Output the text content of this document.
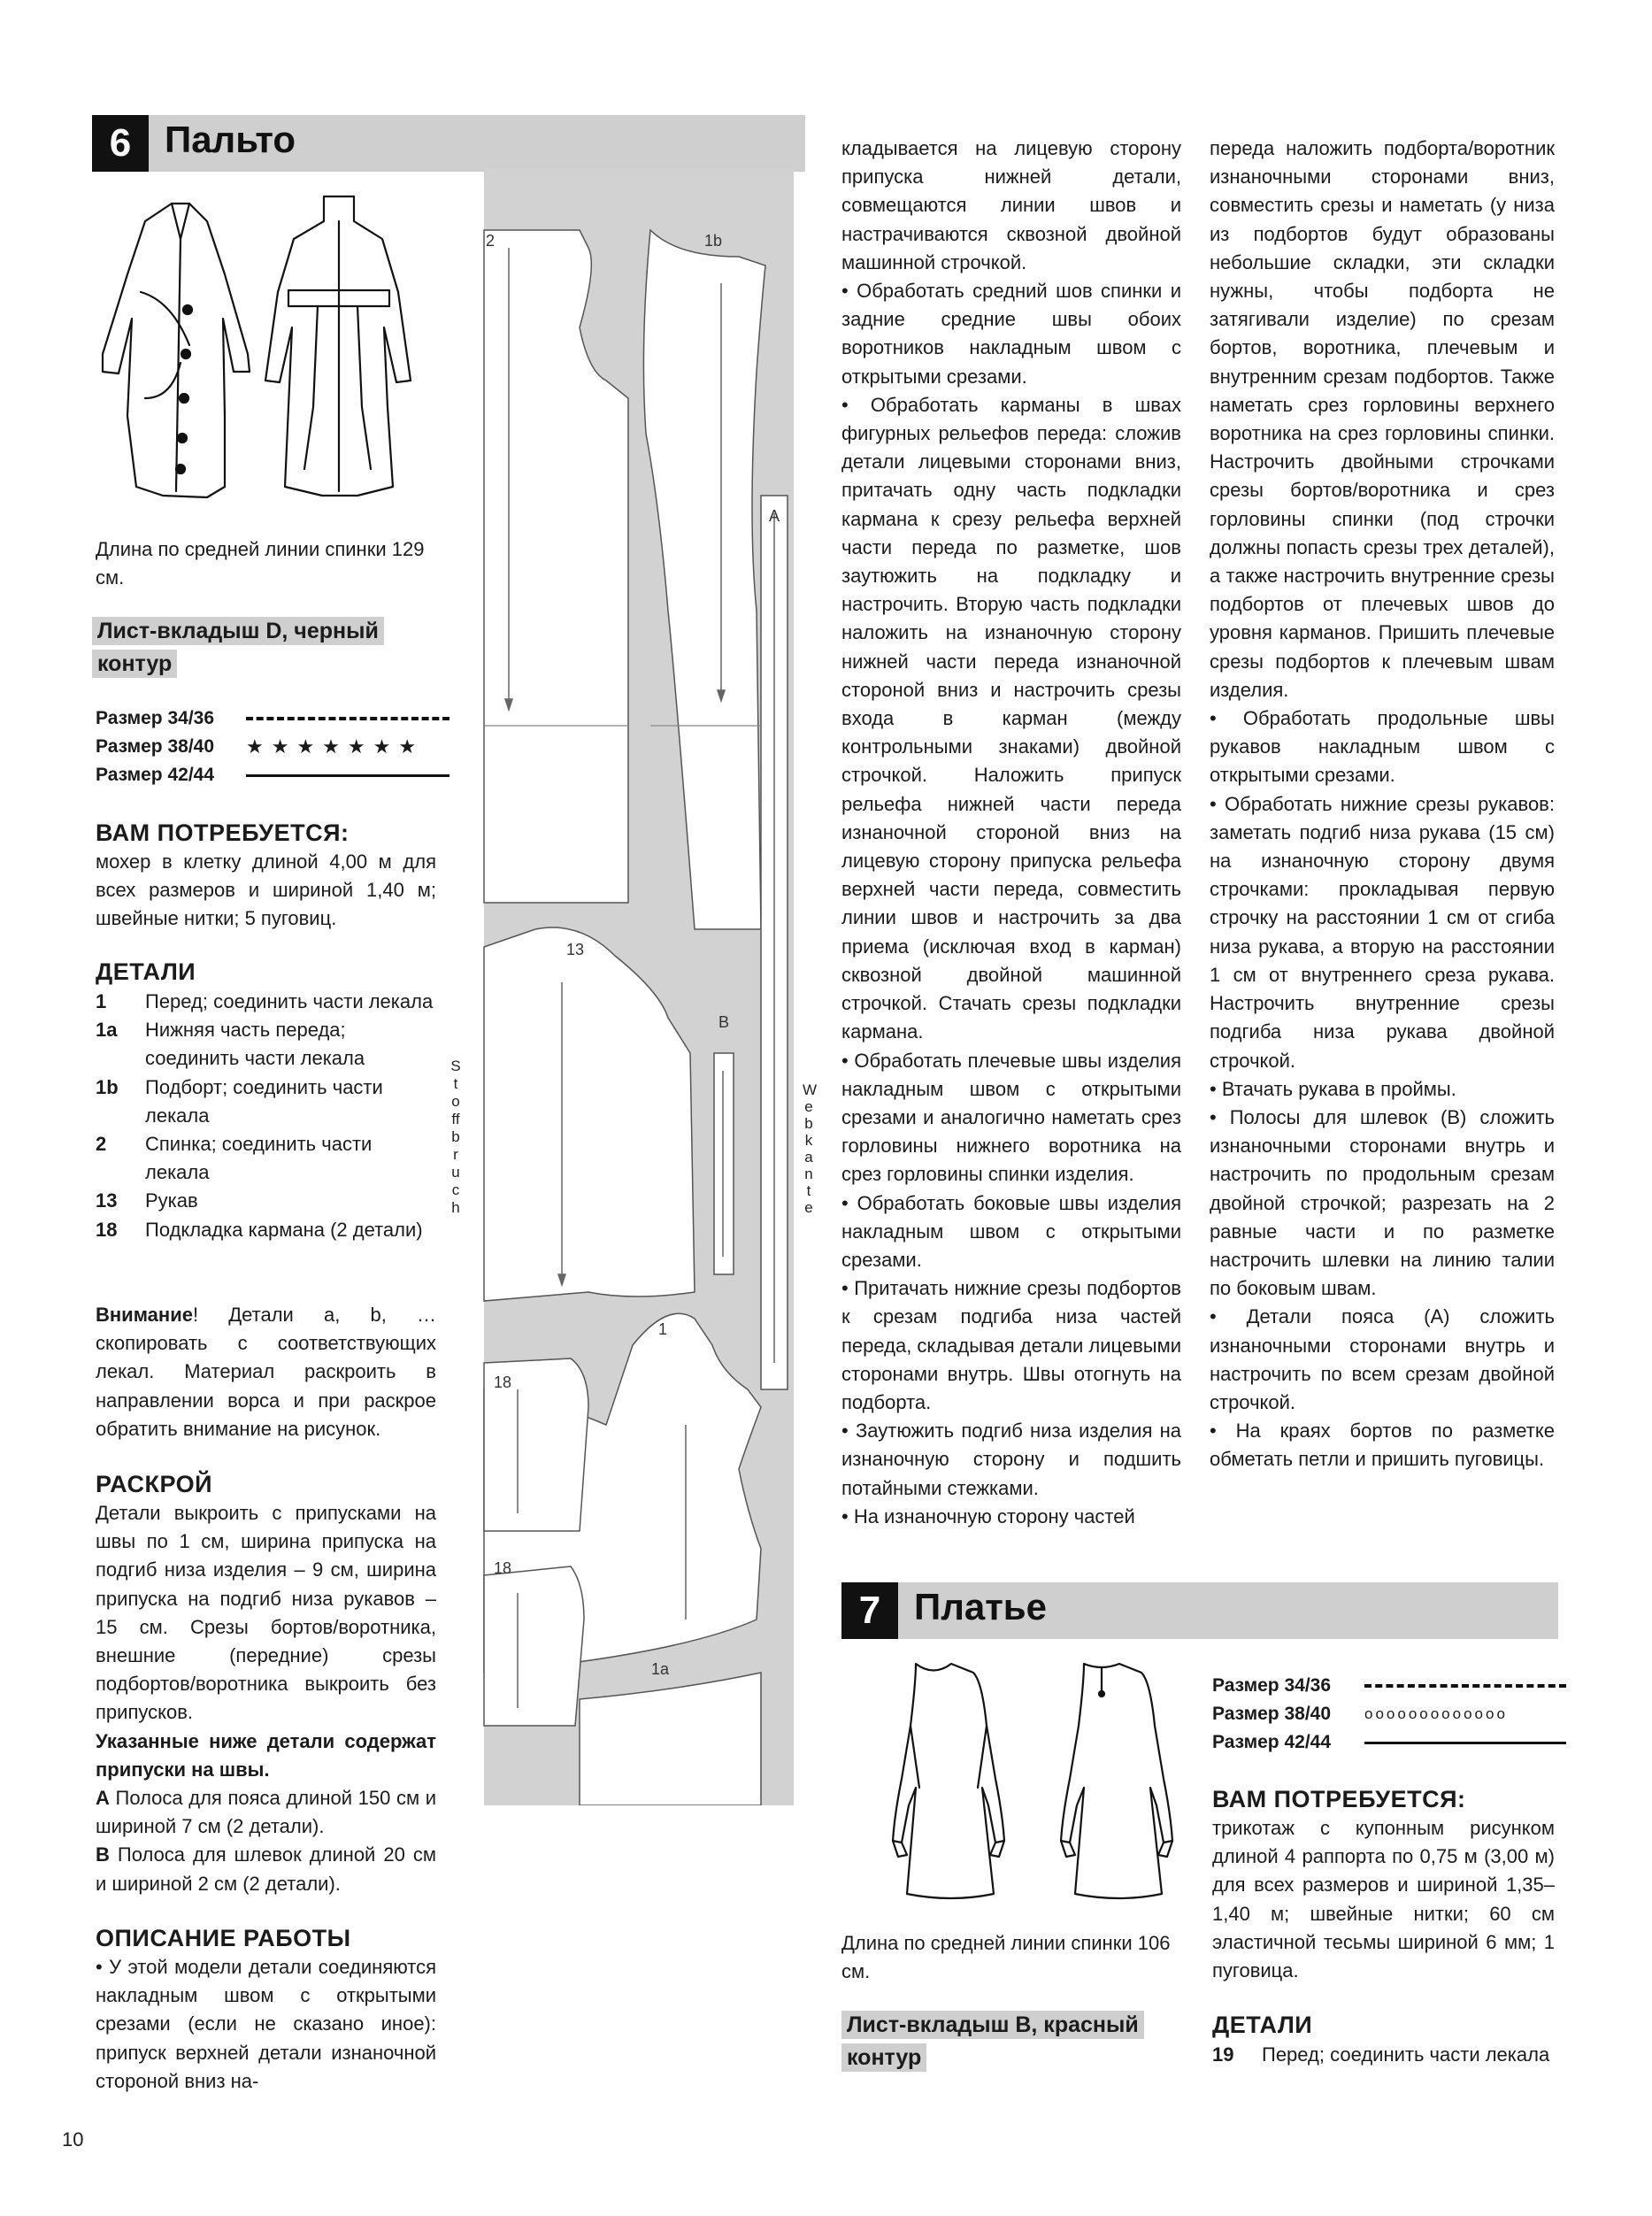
6 Пальто
Длина по средней линии спинки 129 см.
Лист-вкладыш D, черный контур
Размер 34/36
Размер 38/40	★★★★★★★
Размер 42/44
ВАМ ПОТРЕБУЕТСЯ:
мохер в клетку длиной 4,00 м для всех размеров и шириной 1,40 м; швейные нитки; 5 пуговиц.
ДЕТАЛИ
1	Перед; соединить части лекала
1a	Нижняя часть переда; соединить части лекала
1b	Подборт; соединить части лекала
2	Спинка; соединить части лекала
13	Рукав
18	Подкладка кармана (2 детали)
Внимание! Детали a, b, … скопировать с соответствующих лекал. Материал раскроить в направлении ворса и при раскрое обратить внимание на рисунок.
РАСКРОЙ

Детали выкроить с припусками на швы по 1 см, ширина припуска на подгиб низа изделия – 9 см, ширина припуска на подгиб низа рукавов – 15 см. Срезы бортов/воротника, внешние (передние) срезы подбортов/воротника выкроить без припусков.

Указанные ниже детали содержат припуски на швы.

A Полоса для пояса длиной 150 см и шириной 7 см (2 детали).

B Полоса для шлевок длиной 20 см и шириной 2 см (2 детали).

ОПИСАНИЕ РАБОТЫ
• У этой модели детали соединяются накладным швом с открытыми срезами (если не сказано иное): припуск верхней детали изнаночной стороной вниз на-
2	1b
A
13
B
1
18
18
1a
Stoffbruch
Webkante

кладывается на лицевую сторону припуска нижней детали, совмещаются линии швов и настрачиваются сквозной двойной машинной строчкой.

• Обработать средний шов спинки и задние средние швы обоих воротников накладным швом с открытыми срезами.

• Обработать карманы в швах фигурных рельефов переда: сложив детали лицевыми сторонами вниз, притачать одну часть подкладки кармана к срезу рельефа верхней части переда по разметке, шов заутюжить на подкладку и настрочить. Вторую часть подкладки наложить на изнаночную сторону нижней части переда изнаночной стороной вниз и настрочить срезы входа в карман (между контрольными знаками) двойной строчкой. Наложить припуск рельефа нижней части переда изнаночной стороной вниз на лицевую сторону припуска рельефа верхней части переда, совместить линии швов и настрочить за два приема (исключая вход в карман) сквозной двойной машинной строчкой. Стачать срезы подкладки кармана.

• Обработать плечевые швы изделия накладным швом с открытыми срезами и аналогично наметать срез горловины нижнего воротника на срез горловины спинки изделия.

• Обработать боковые швы изделия накладным швом с открытыми срезами.

• Притачать нижние срезы подбортов к срезам подгиба низа частей переда, складывая детали лицевыми сторонами внутрь. Швы отогнуть на подборта.

• Заутюжить подгиб низа изделия на изнаночную сторону и подшить потайными стежками.

• На изнаночную сторону частей

переда наложить подборта/воротник изнаночными сторонами вниз, совместить срезы и наметать (у низа из подбортов будут образованы небольшие складки, эти складки нужны, чтобы подборта не затягивали изделие) по срезам бортов, воротника, плечевым и внутренним срезам подбортов. Также наметать срез горловины верхнего воротника на срез горловины спинки. Настрочить двойными строчками срезы бортов/воротника и срез горловины спинки (под строчки должны попасть срезы трех деталей), а также настрочить внутренние срезы подбортов от плечевых швов до уровня карманов. Пришить плечевые срезы подбортов к плечевым швам изделия.

• Обработать продольные швы рукавов накладным швом с открытыми срезами.

• Обработать нижние срезы рукавов: заметать подгиб низа рукава (15 см) на изнаночную сторону двумя строчками: прокладывая первую строчку на расстоянии 1 см от сгиба низа рукава, а вторую на расстоянии 1 см от внутреннего среза рукава. Настрочить внутренние срезы подгиба низа рукава двойной строчкой.

• Втачать рукава в проймы.

• Полосы для шлевок (B) сложить изнаночными сторонами внутрь и настрочить по продольным срезам двойной строчкой; разрезать на 2 равные части и по разметке настрочить шлевки на линию талии по боковым швам.

• Детали пояса (A) сложить изнаночными сторонами внутрь и настрочить по всем срезам двойной строчкой.

• На краях бортов по разметке обметать петли и пришить пуговицы.

7 Платье
Длина по средней линии спинки 106 см.
Лист-вкладыш B, красный контур
Размер 34/36
Размер 38/40	ooooooooooooo
Размер 42/44
ВАМ ПОТРЕБУЕТСЯ:
трикотаж с купонным рисунком длиной 4 раппорта по 0,75 м (3,00 м) для всех размеров и шириной 1,35–1,40 м; швейные нитки; 60 см эластичной тесьмы шириной 6 мм; 1 пуговица.
ДЕТАЛИ
19	Перед; соединить части лекала
10
